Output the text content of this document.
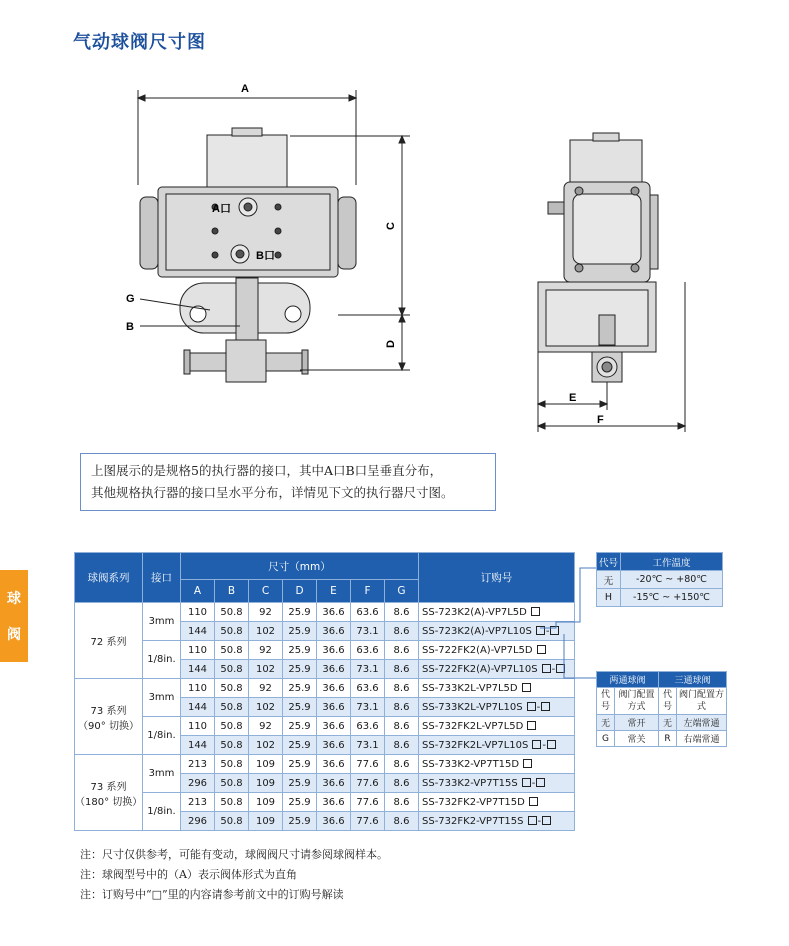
气动球阀尺寸图
球
阀
A
A口
B口
C
D
G
B
E
F
上图展示的是规格5的执行器的接口，其中A口B口呈垂直分布，
其他规格执行器的接口呈水平分布，详情见下文的执行器尺寸图。
球阀系列	接口	尺寸（mm）							订购号
		A	B	C	D	E	F	G	

72 系列	3mm	110	50.8	92	25.9	36.6	63.6	8.6	SS-723K2(A)-VP7L5D
		144	50.8	102	25.9	36.6	73.1	8.6	SS-723K2(A)-VP7L10S -
	1/8in.	110	50.8	92	25.9	36.6	63.6	8.6	SS-722FK2(A)-VP7L5D
		144	50.8	102	25.9	36.6	73.1	8.6	SS-722FK2(A)-VP7L10S -

73 系列
（90° 切换）	3mm	110	50.8	92	25.9	36.6	63.6	8.6	SS-733K2L-VP7L5D
		144	50.8	102	25.9	36.6	73.1	8.6	SS-733K2L-VP7L10S -
	1/8in.	110	50.8	92	25.9	36.6	63.6	8.6	SS-732FK2L-VP7L5D
		144	50.8	102	25.9	36.6	73.1	8.6	SS-732FK2L-VP7L10S -

73 系列
（180° 切换）	3mm	213	50.8	109	25.9	36.6	77.6	8.6	SS-733K2-VP7T15D
		296	50.8	109	25.9	36.6	77.6	8.6	SS-733K2-VP7T15S -
	1/8in.	213	50.8	109	25.9	36.6	77.6	8.6	SS-732FK2-VP7T15D
		296	50.8	109	25.9	36.6	77.6	8.6	SS-732FK2-VP7T15S -
代号	工作温度
无	-20℃ ~ +80℃
H	-15℃ ~ +150℃
两通球阀		三通球阀	
代号	阀门配置方式	代号	阀门配置方式
无	常开	无	左端常通
G	常关	R	右端常通
注：尺寸仅供参考，可能有变动，球阀阀尺寸请参阅球阀样本。
注：球阀型号中的（A）表示阀体形式为直角
注：订购号中“□”里的内容请参考前文中的订购号解读
